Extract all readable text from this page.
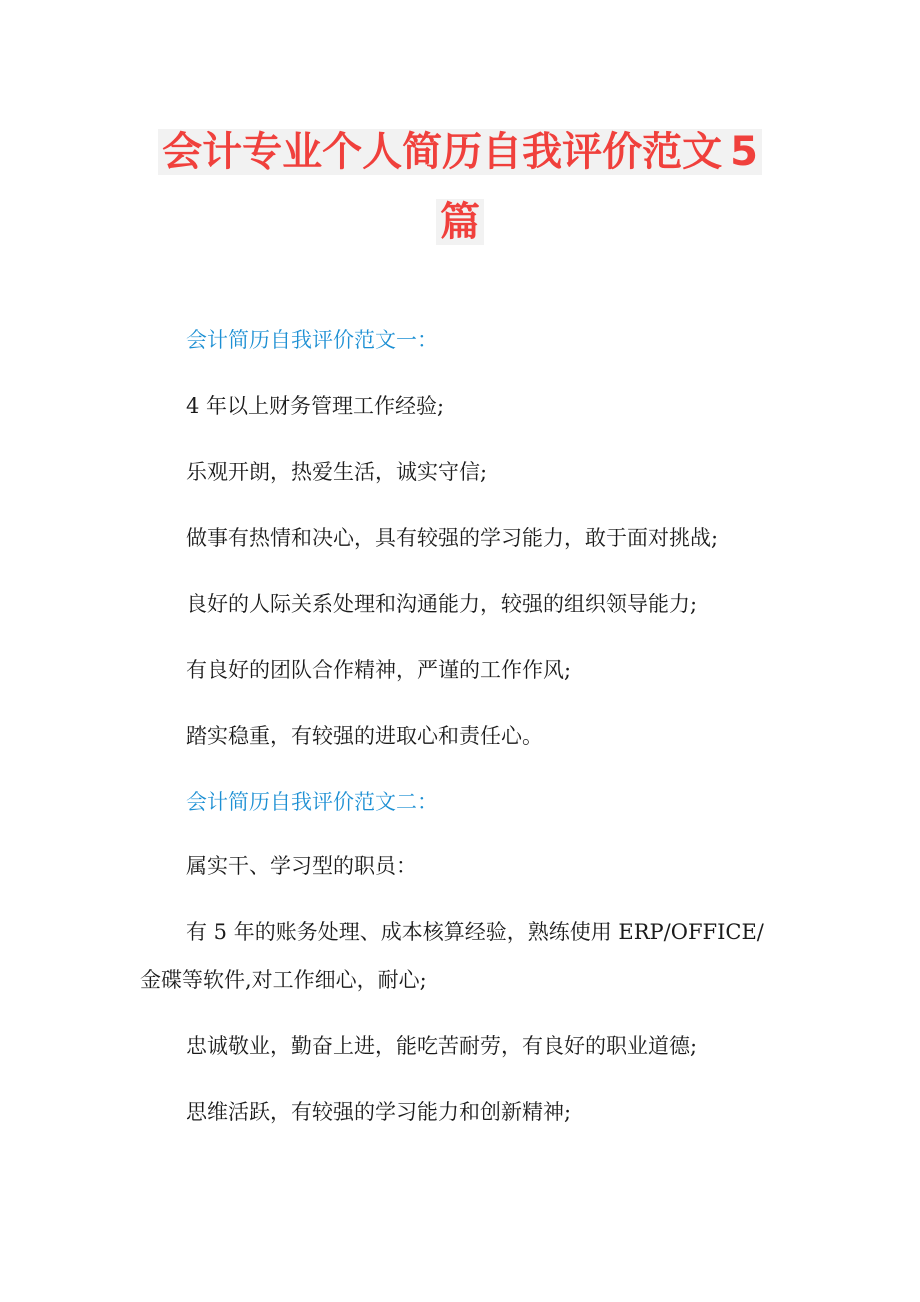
会计专业个人简历自我评价范文 5
篇
会计简历自我评价范文一：
4 年以上财务管理工作经验;
乐观开朗，热爱生活，诚实守信;
做事有热情和决心，具有较强的学习能力，敢于面对挑战;
良好的人际关系处理和沟通能力，较强的组织领导能力;
有良好的团队合作精神，严谨的工作作风;
踏实稳重，有较强的进取心和责任心。
会计简历自我评价范文二：
属实干、学习型的职员：
有 5 年的账务处理、成本核算经验，熟练使用 ERP/OFFICE/
金碟等软件,对工作细心，耐心;
忠诚敬业，勤奋上进，能吃苦耐劳，有良好的职业道德;
思维活跃，有较强的学习能力和创新精神;
